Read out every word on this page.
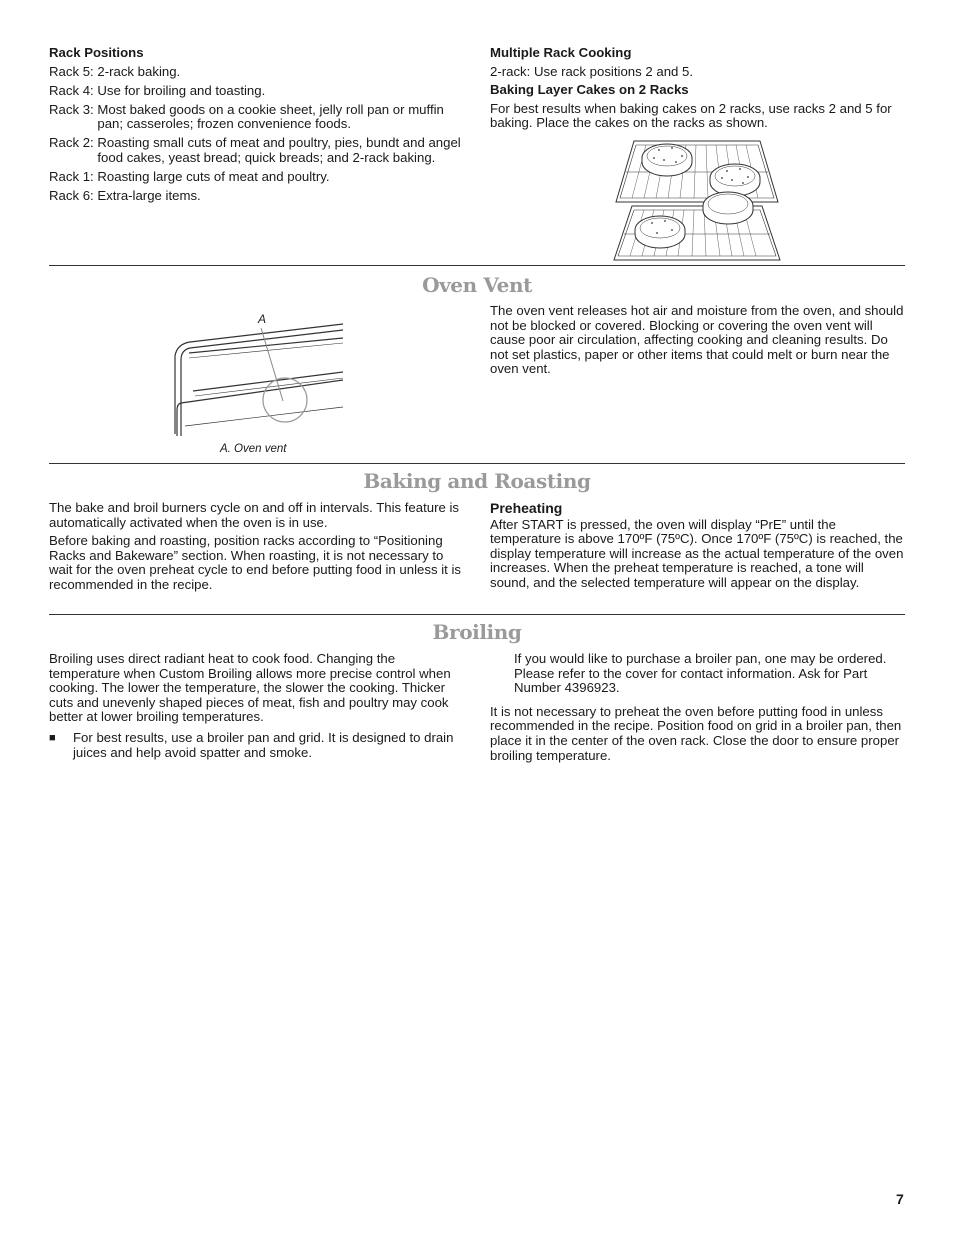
Rack Positions
Rack 5: 2-rack baking.
Rack 4: Use for broiling and toasting.
Rack 3: Most baked goods on a cookie sheet, jelly roll pan or muffin pan; casseroles; frozen convenience foods.
Rack 2: Roasting small cuts of meat and poultry, pies, bundt and angel food cakes, yeast bread; quick breads; and 2-rack baking.
Rack 1: Roasting large cuts of meat and poultry.
Rack 6: Extra-large items.
Multiple Rack Cooking

2-rack: Use rack positions 2 and 5.

Baking Layer Cakes on 2 Racks

For best results when baking cakes on 2 racks, use racks 2 and 5 for baking. Place the cakes on the racks as shown.

Oven Vent
A
A. Oven vent

The oven vent releases hot air and moisture from the oven, and should not be blocked or covered. Blocking or covering the oven vent will cause poor air circulation, affecting cooking and cleaning results. Do not set plastics, paper or other items that could melt or burn near the oven vent.

Baking and Roasting

The bake and broil burners cycle on and off in intervals. This feature is automatically activated when the oven is in use.

Before baking and roasting, position racks according to “Positioning Racks and Bakeware” section. When roasting, it is not necessary to wait for the oven preheat cycle to end before putting food in unless it is recommended in the recipe.

Preheating

After START is pressed, the oven will display “PrE” until the temperature is above 170ºF (75ºC). Once 170ºF (75ºC) is reached, the display temperature will increase as the actual temperature of the oven increases. When the preheat temperature is reached, a tone will sound, and the selected temperature will appear on the display.

Broiling

Broiling uses direct radiant heat to cook food. Changing the temperature when Custom Broiling allows more precise control when cooking. The lower the temperature, the slower the cooking. Thicker cuts and unevenly shaped pieces of meat, fish and poultry may cook better at lower broiling temperatures.

■	For best results, use a broiler pan and grid. It is designed to drain juices and help avoid spatter and smoke.

If you would like to purchase a broiler pan, one may be ordered. Please refer to the cover for contact information. Ask for Part Number 4396923.

It is not necessary to preheat the oven before putting food in unless recommended in the recipe. Position food on grid in a broiler pan, then place it in the center of the oven rack. Close the door to ensure proper broiling temperature.

7
